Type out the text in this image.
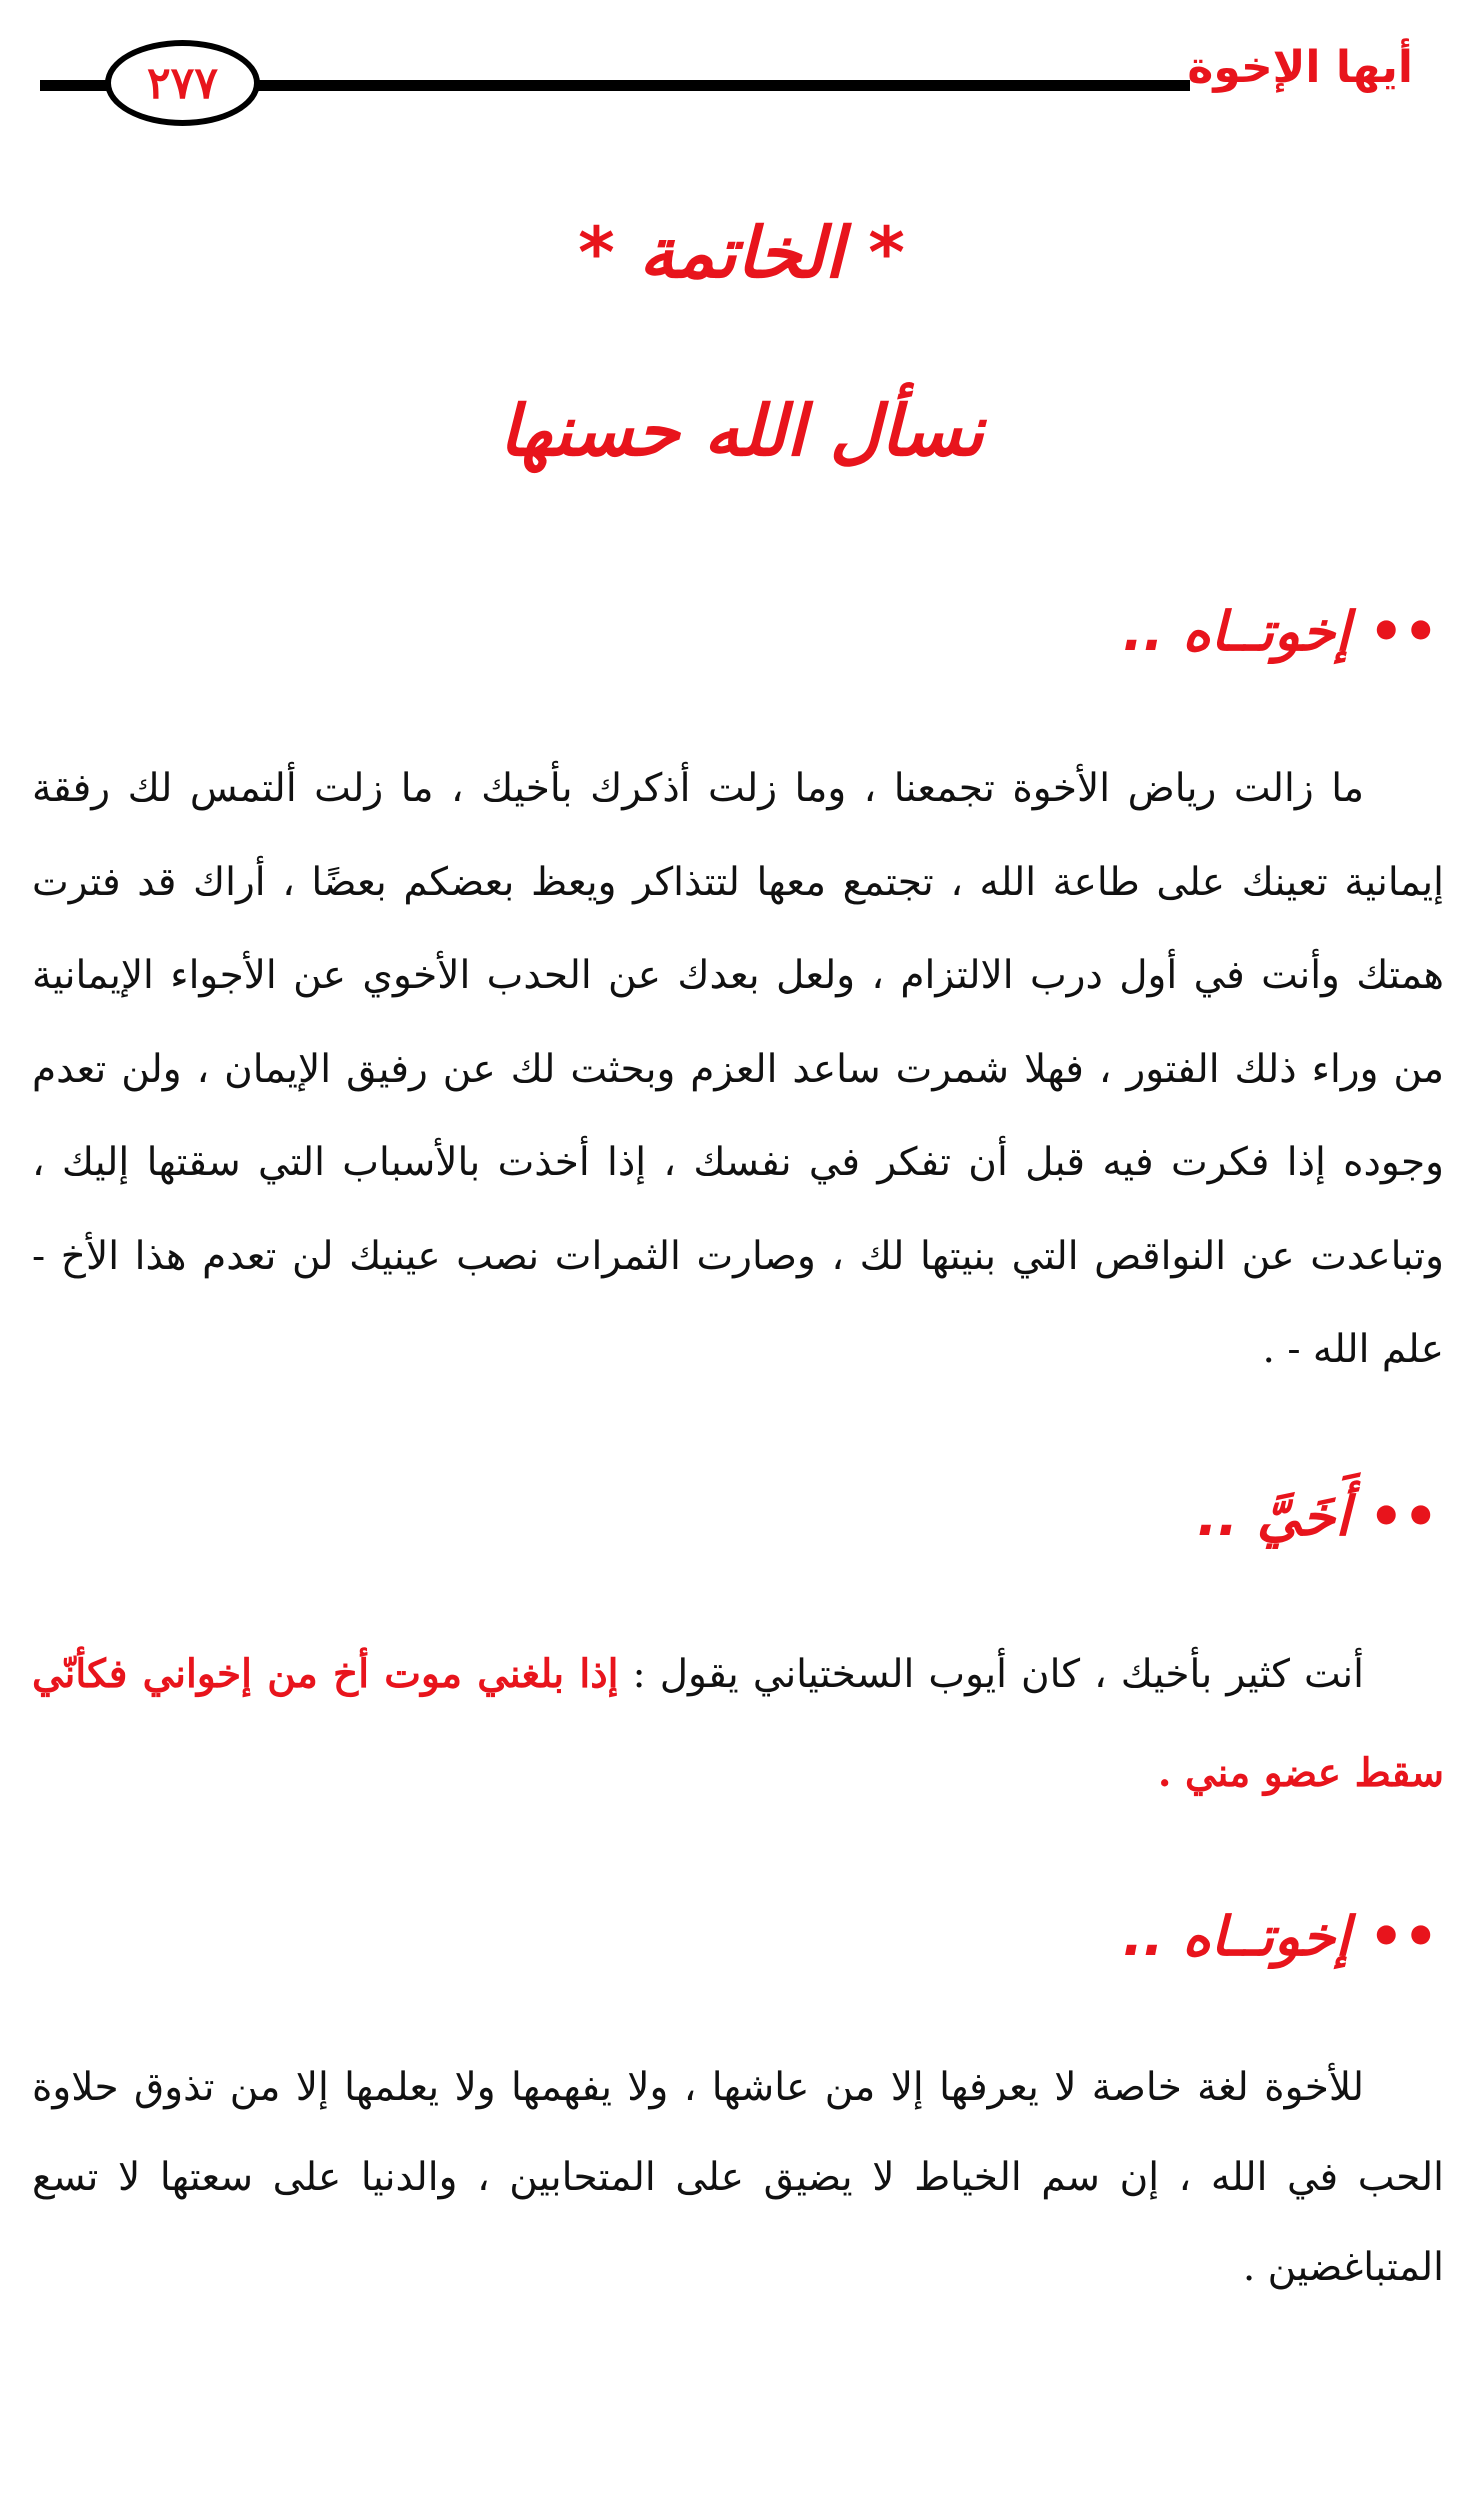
٢٧٧	أيها الإخوة
* الخاتمة *
نسأل الله حسنها
•• إخوتــاه ..
ما زالت رياض الأخوة تجمعنا ، وما زلت أذكرك بأخيك ، ما زلت ألتمس لك رفقة إيمانية تعينك على طاعة الله ، تجتمع معها لتتذاكر ويعظ بعضكم بعضًا ، أراك قد فترت همتك وأنت في أول درب الالتزام ، ولعل بعدك عن الحدب الأخوي عن الأجواء الإيمانية من وراء ذلك الفتور ، فهلا شمرت ساعد العزم وبحثت لك عن رفيق الإيمان ، ولن تعدم وجوده إذا فكرت فيه قبل أن تفكر في نفسك ، إذا أخذت بالأسباب التي سقتها إليك ، وتباعدت عن النواقص التي بنيتها لك ، وصارت الثمرات نصب عينيك لن تعدم هذا الأخ - علم الله - .
•• أَخَيَّ ..
أنت كثير بأخيك ، كان أيوب السختياني يقول : إذا بلغني موت أخ من إخواني فكأنّي سقط عضو مني .
•• إخوتــاه ..
للأخوة لغة خاصة لا يعرفها إلا من عاشها ، ولا يفهمها ولا يعلمها إلا من تذوق حلاوة الحب في الله ، إن سم الخياط لا يضيق على المتحابين ، والدنيا على سعتها لا تسع المتباغضين .
